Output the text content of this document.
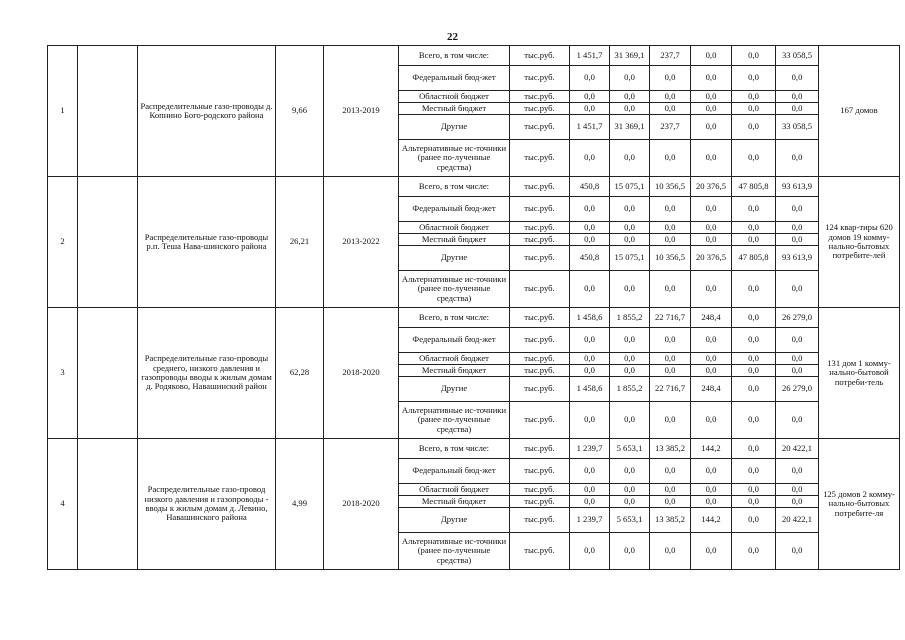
22
1		Распределительные газо-проводы д. Копнино Бого-родского района	9,66	2013-2019	Всего, в том числе:	тыс.руб.	1 451,7	31 369,1	237,7	0,0	0,0	33 058,5	167 домов
					Федеральный бюд-жет	тыс.руб.	0,0	0,0	0,0	0,0	0,0	0,0	
					Областной бюджет	тыс.руб.	0,0	0,0	0,0	0,0	0,0	0,0	
					Местный бюджет	тыс.руб.	0,0	0,0	0,0	0,0	0,0	0,0	
					Другие	тыс.руб.	1 451,7	31 369,1	237,7	0,0	0,0	33 058,5	
					Альтернативные ис-точники (ранее по-лученные средства)	тыс.руб.	0,0	0,0	0,0	0,0	0,0	0,0	
2		Распределительные газо-проводы р.п. Теша Нава-шинского района	26,21	2013-2022	Всего, в том числе:	тыс.руб.	450,8	15 075,1	10 356,5	20 376,5	47 805,8	93 613,9	124 квар-тиры 620 домов 19 комму-нально-бытовых потребите-лей
					Федеральный бюд-жет	тыс.руб.	0,0	0,0	0,0	0,0	0,0	0,0	
					Областной бюджет	тыс.руб.	0,0	0,0	0,0	0,0	0,0	0,0	
					Местный бюджет	тыс.руб.	0,0	0,0	0,0	0,0	0,0	0,0	
					Другие	тыс.руб.	450,8	15 075,1	10 356,5	20 376,5	47 805,8	93 613,9	
					Альтернативные ис-точники (ранее по-лученные средства)	тыс.руб.	0,0	0,0	0,0	0,0	0,0	0,0	
3		Распределительные газо-проводы среднего, низкого давления и газопроводы вводы к жилым домам д. Родяково, Навашинский район	62,28	2018-2020	Всего, в том числе:	тыс.руб.	1 458,6	1 855,2	22 716,7	248,4	0,0	26 279,0	131 дом 1 комму-нально-бытовой потреби-тель
					Федеральный бюд-жет	тыс.руб.	0,0	0,0	0,0	0,0	0,0	0,0	
					Областной бюджет	тыс.руб.	0,0	0,0	0,0	0,0	0,0	0,0	
					Местный бюджет	тыс.руб.	0,0	0,0	0,0	0,0	0,0	0,0	
					Другие	тыс.руб.	1 458,6	1 855,2	22 716,7	248,4	0,0	26 279,0	
					Альтернативные ис-точники (ранее по-лученные средства)	тыс.руб.	0,0	0,0	0,0	0,0	0,0	0,0	
4		Распределительные газо-провод низкого давления и газопроводы - вводы к жилым домам д. Левино, Навашинского района	4,99	2018-2020	Всего, в том числе:	тыс.руб.	1 239,7	5 653,1	13 385,2	144,2	0,0	20 422,1	125 домов 2 комму-нально-бытовых потребите-ля
					Федеральный бюд-жет	тыс.руб.	0,0	0,0	0,0	0,0	0,0	0,0	
					Областной бюджет	тыс.руб.	0,0	0,0	0,0	0,0	0,0	0,0	
					Местный бюджет	тыс.руб.	0,0	0,0	0,0	0,0	0,0	0,0	
					Другие	тыс.руб.	1 239,7	5 653,1	13 385,2	144,2	0,0	20 422,1	
					Альтернативные ис-точники (ранее по-лученные средства)	тыс.руб.	0,0	0,0	0,0	0,0	0,0	0,0	
